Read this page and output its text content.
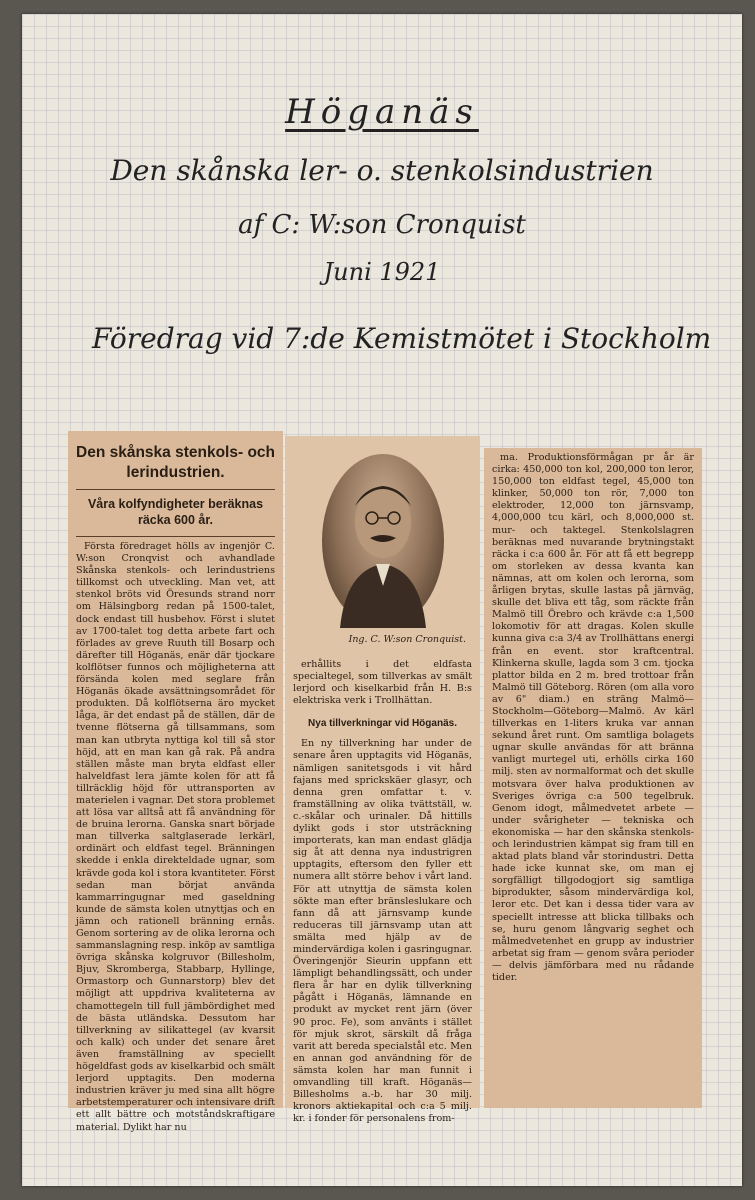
Höganäs
Den skånska ler- o. stenkolsindustrien
af C: W:son Cronquist
Juni 1921
Föredrag vid 7:de Kemistmötet i Stockholm
Den skånska stenkols- och lerindustrien.
Våra kolfyndigheter beräknas räcka 600 år.

Första föredraget hölls av ingenjör C. W:son Cronqvist och avhandlade Skånska stenkols- och lerindustriens tillkomst och utveckling. Man vet, att stenkol bröts vid Öresunds strand norr om Hälsingborg redan på 1500-talet, dock endast till husbehov. Först i slutet av 1700-talet tog detta arbete fart och förlades av greve Ruuth till Bosarp och därefter till Höganäs, enär där tjockare kolflötser funnos och möjligheterna att försända kolen med seglare från Höganäs ökade avsättningsområdet för produkten. Då kolflötserna äro mycket låga, är det endast på de ställen, där de tvenne flötserna gå tillsammans, som man kan utbryta nyttiga kol till så stor höjd, att en man kan gå rak. På andra ställen måste man bryta eldfast eller halveldfast lera jämte kolen för att få tillräcklig höjd för uttransporten av materielen i vagnar. Det stora problemet att lösa var alltså att få användning för de bruina lerorna. Ganska snart började man tillverka saltglaserade lerkärl, ordinärt och eldfast tegel. Bränningen skedde i enkla direkteldade ugnar, som krävde goda kol i stora kvantiteter. Först sedan man börjat använda kammarringugnar med gaseldning kunde de sämsta kolen utnyttjas och en jämn och rationell bränning ernås. Genom sortering av de olika lerorna och sammanslagning resp. inköp av samtliga övriga skånska kolgruvor (Billesholm, Bjuv, Skromberga, Stabbarp, Hyllinge, Ormastorp och Gunnarstorp) blev det möjligt att uppdriva kvaliteterna av chamottegeln till full jämbördighet med de bästa utländska. Dessutom har tillverkning av silikattegel (av kvarsit och kalk) och under det senare året även framställning av speciellt högeldfast gods av kiselkarbid och smält lerjord upptagits. Den moderna industrien kräver ju med sina allt högre arbetstemperaturer och intensivare drift ett allt bättre och motståndskraftigare material. Dylikt har nu

Ing. C. W:son Cronquist.

erhållits i det eldfasta specialtegel, som tillverkas av smält lerjord och kiselkarbid från H. B:s elektriska verk i Trollhättan.

Nya tillverkningar vid Höganäs.

En ny tillverkning har under de senare åren upptagits vid Höganäs, nämligen sanitetsgods i vit hård fajans med sprickskäer glasyr, och denna gren omfattar t. v. framställning av olika tvättställ, w. c.-skålar och urinaler. Då hittills dylikt gods i stor utsträckning importerats, kan man endast glädja sig åt att denna nya industrigren upptagits, eftersom den fyller ett numera allt större behov i vårt land. För att utnyttja de sämsta kolen sökte man efter bränsleslukare och fann då att järnsvamp kunde reduceras till järnsvamp utan att smälta med hjälp av de mindervärdiga kolen i gasringugnar. Överingenjör Sieurin uppfann ett lämpligt behandlingssätt, och under flera år har en dylik tillverkning pågått i Höganäs, lämnande en produkt av mycket rent järn (över 90 proc. Fe), som använts i stället för mjuk skrot, särskilt då fråga varit att bereda specialstål etc. Men en annan god användning för de sämsta kolen har man funnit i omvandling till kraft. Höganäs—Billesholms a.-b. har 30 milj. kronors aktiekapital och c:a 5 milj. kr. i fonder för personalens from-

ma. Produktionsförmågan pr år är cirka: 450,000 ton kol, 200,000 ton leror, 150,000 ton eldfast tegel, 45,000 ton klinker, 50,000 ton rör, 7,000 ton elektroder, 12,000 ton järnsvamp, 4,000,000 tcu kärl, och 8,000,000 st. mur- och taktegel. Stenkolslagren beräknas med nuvarande brytningstakt räcka i c:a 600 år. För att få ett begrepp om storleken av dessa kvanta kan nämnas, att om kolen och lerorna, som årligen brytas, skulle lastas på järnväg, skulle det bliva ett tåg, som räckte från Malmö till Örebro och krävde c:a 1,500 lokomotiv för att dragas. Kolen skulle kunna giva c:a 3/4 av Trollhättans energi från en event. stor kraftcentral. Klinkerna skulle, lagda som 3 cm. tjocka plattor bilda en 2 m. bred trottoar från Malmö till Göteborg. Rören (om alla voro av 6" diam.) en sträng Malmö—Stockholm—Göteborg—Malmö. Av kärl tillverkas en 1-liters kruka var annan sekund året runt. Om samtliga bolagets ugnar skulle användas för att bränna vanligt murtegel uti, erhölls cirka 160 milj. sten av normalformat och det skulle motsvara över halva produktionen av Sveriges övriga c:a 500 tegelbruk. Genom idogt, målmedvetet arbete — under svårigheter — tekniska och ekonomiska — har den skånska stenkols- och lerindustrien kämpat sig fram till en aktad plats bland vår storindustri. Detta hade icke kunnat ske, om man ej sorgfälligt tillgodogjort sig samtliga biprodukter, såsom mindervärdiga kol, leror etc. Det kan i dessa tider vara av speciellt intresse att blicka tillbaks och se, huru genom långvarig seghet och målmedvetenhet en grupp av industrier arbetat sig fram — genom svåra perioder — delvis jämförbara med nu rådande tider.
